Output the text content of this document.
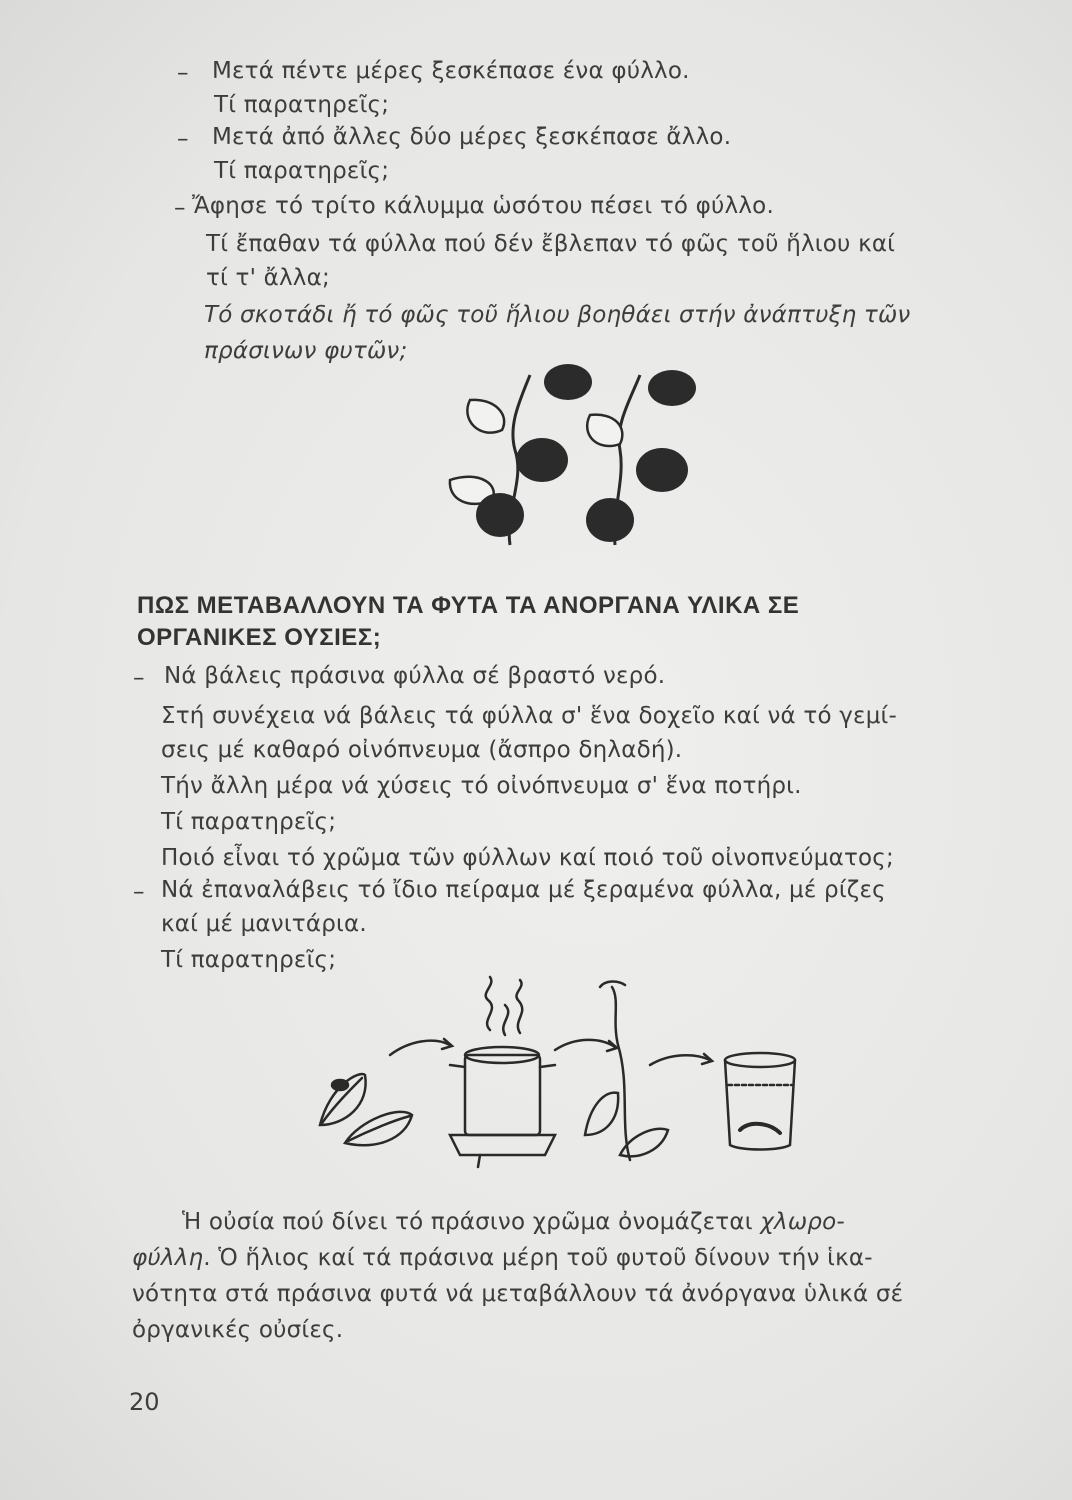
– Μετά πέντε μέρες ξεσκέπασε ένα φύλλο.
Τί παρατηρεῖς;
– Μετά ἀπό ἄλλες δύο μέρες ξεσκέπασε ἄλλο.
Τί παρατηρεῖς;
– Ἄφησε τό τρίτο κάλυμμα ὡσότου πέσει τό φύλλο.
Τί ἔπαθαν τά φύλλα πού δέν ἔβλεπαν τό φῶς τοῦ ἥλιου καί
τί τ' ἄλλα;
Τό σκοτάδι ἤ τό φῶς τοῦ ἥλιου βοηθάει στήν ἀνάπτυξη τῶν
πράσινων φυτῶν;
ΠΩΣ ΜΕΤΑΒΑΛΛΟΥΝ ΤΑ ΦΥΤΑ ΤΑ ΑΝΟΡΓΑΝΑ ΥΛΙΚΑ ΣΕ
ΟΡΓΑΝΙΚΕΣ ΟΥΣΙΕΣ;
– Νά βάλεις πράσινα φύλλα σέ βραστό νερό.
Στή συνέχεια νά βάλεις τά φύλλα σ' ἕνα δοχεῖο καί νά τό γεμί-
σεις μέ καθαρό οἰνόπνευμα (ἄσπρο δηλαδή).
Τήν ἄλλη μέρα νά χύσεις τό οἰνόπνευμα σ' ἕνα ποτήρι.
Τί παρατηρεῖς;
Ποιό εἶναι τό χρῶμα τῶν φύλλων καί ποιό τοῦ οἰνοπνεύματος;
– Νά ἐπαναλάβεις τό ἴδιο πείραμα μέ ξεραμένα φύλλα, μέ ρίζες
καί μέ μανιτάρια.
Τί παρατηρεῖς;
Ἡ οὐσία πού δίνει τό πράσινο χρῶμα ὀνομάζεται χλωρο-
φύλλη. Ὁ ἥλιος καί τά πράσινα μέρη τοῦ φυτοῦ δίνουν τήν ἱκα-
νότητα στά πράσινα φυτά νά μεταβάλλουν τά ἀνόργανα ὑλικά σέ
ὀργανικές οὐσίες.
20
